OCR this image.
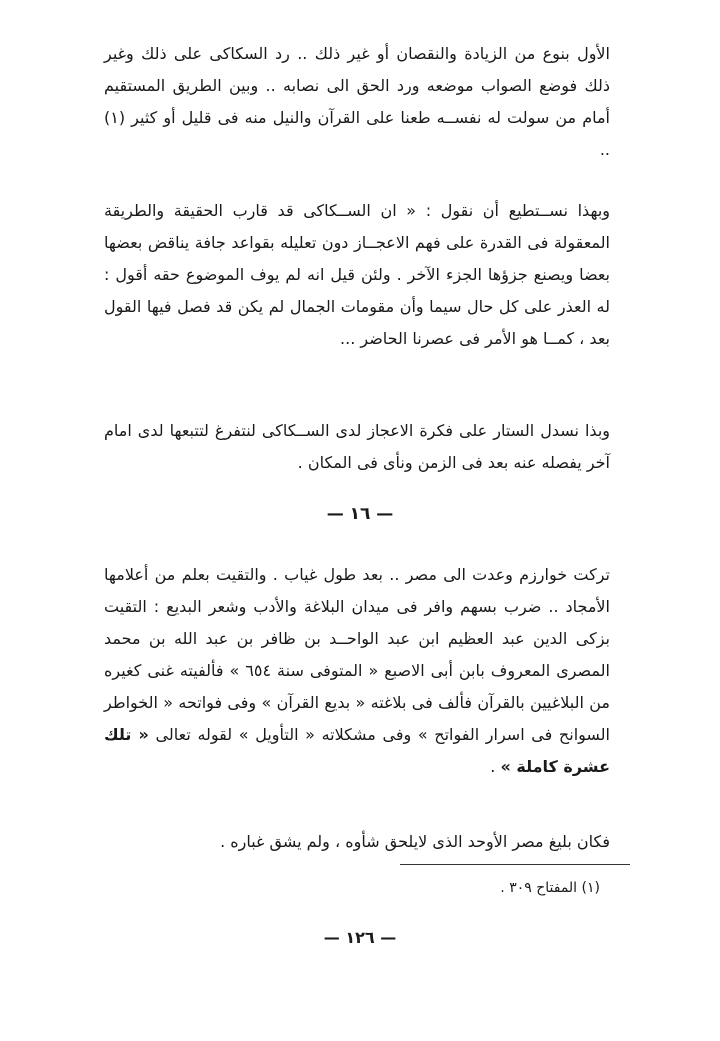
الأول بنوع من الزيادة والنقصان أو غير ذلك .. رد السكاكى على ذلك وغير ذلك فوضع الصواب موضعه ورد الحق الى نصابه .. وبين الطريق المستقيم أمام من سولت له نفســه طعنا على القرآن والنيل منه فى قليل أو كثير (١) ..

وبهذا نســتطيع أن نقول : « ان الســكاكى قد قارب الحقيقة والطريقة المعقولة فى القدرة على فهم الاعجــاز دون تعليله بقواعد جافة يناقض بعضها بعضا ويصنع جزؤها الجزء الآخر . ولئن قيل انه لم يوف الموضوع حقه أقول : له العذر على كل حال سيما وأن مقومات الجمال لم يكن قد فصل فيها القول بعد ، كمــا هو الأمر فى عصرنا الحاضر ...

وبذا نسدل الستار على فكرة الاعجاز لدى الســكاكى لنتفرغ لتتبعها لدى امام آخر يفصله عنه بعد فى الزمن ونأى فى المكان .

— ١٦ —

تركت خوارزم وعدت الى مصر .. بعد طول غياب . والتقيت بعلم من أعلامها الأمجاد .. ضرب بسهم وافر فى ميدان البلاغة والأدب وشعر البديع : التقيت بزكى الدين عبد العظيم ابن عبد الواحــد بن ظافر بن عبد الله بن محمد المصرى المعروف بابن أبى الاصبع « المتوفى سنة ٦٥٤ » فألفيته غنى كغيره من البلاغيين بالقرآن فألف فى بلاغته « بديع القرآن » وفى فواتحه « الخواطر السوانح فى اسرار الفواتح » وفى مشكلاته « التأويل » لقوله تعالى « تلك عشرة كاملة » .

فكان بليغ مصر الأوحد الذى لايلحق شأوه ، ولم يشق غباره .

(١) المفتاح ٣٠٩ .
— ١٢٦ —
